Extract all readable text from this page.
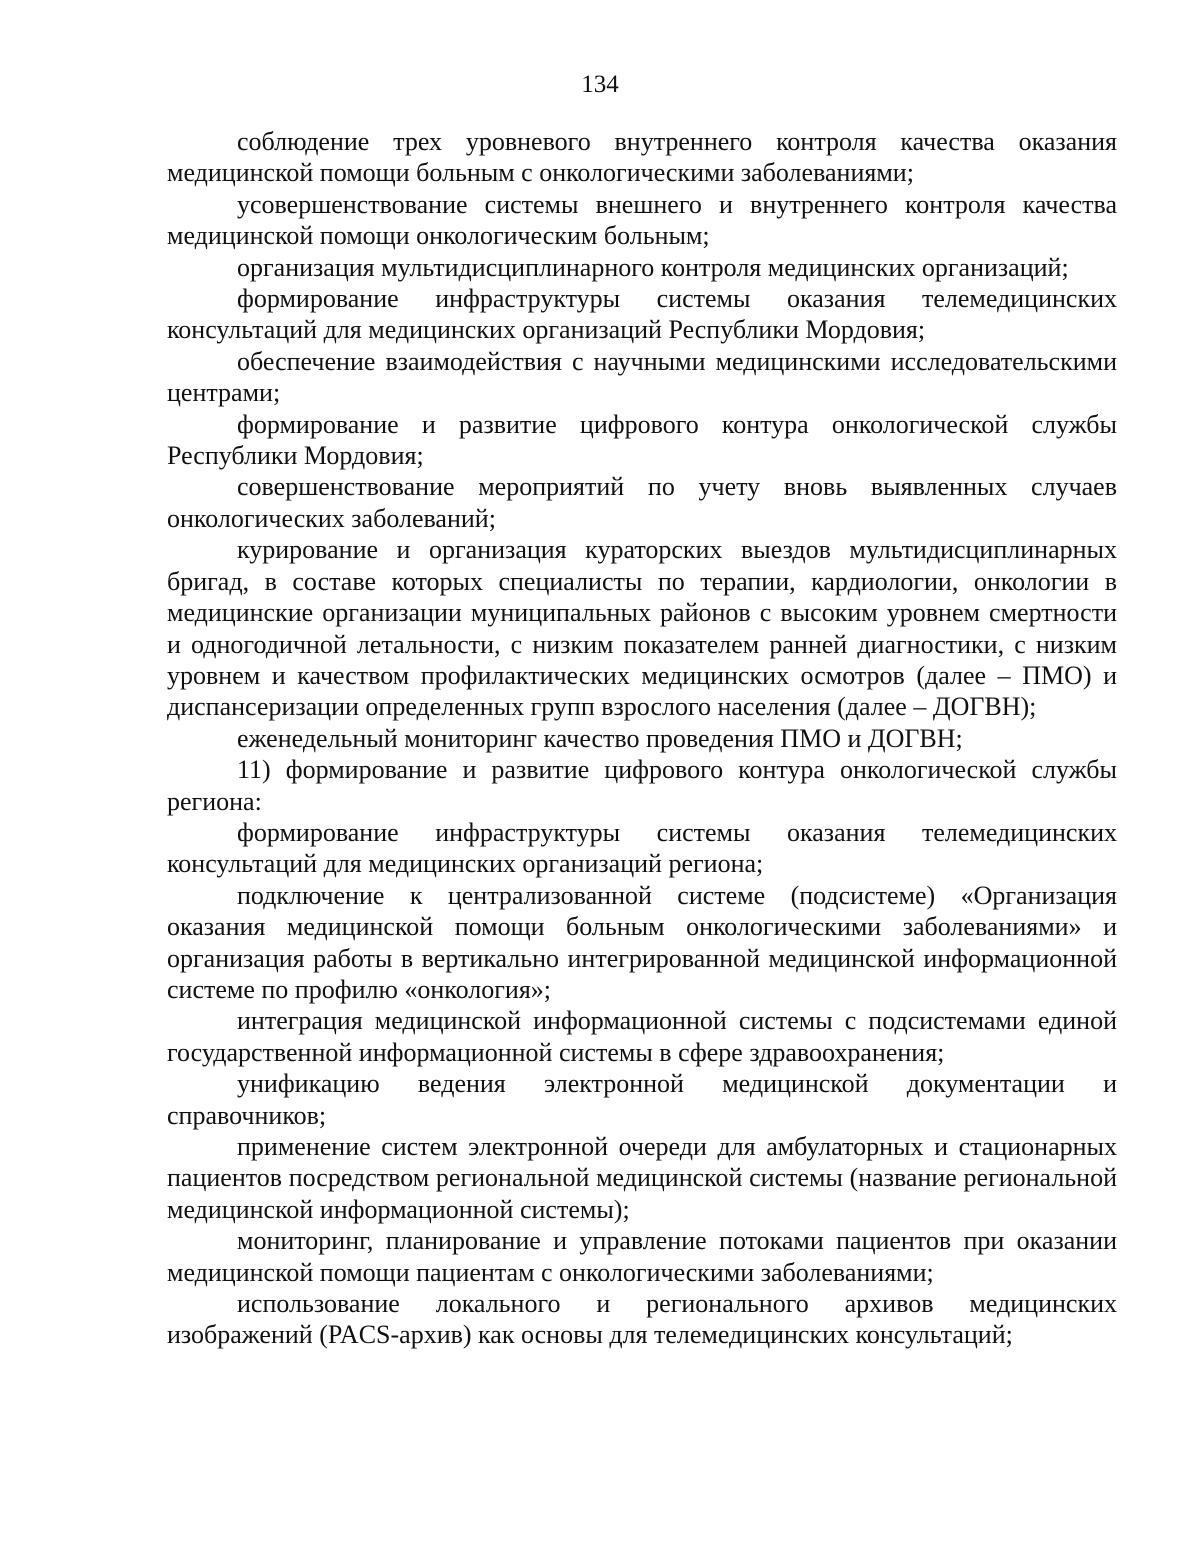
134

соблюдение трех уровневого внутреннего контроля качества оказания медицинской помощи больным с онкологическими заболеваниями;

усовершенствование системы внешнего и внутреннего контроля качества медицинской помощи онкологическим больным;

организация мультидисциплинарного контроля медицинских организаций;

формирование инфраструктуры системы оказания телемедицинских консультаций для медицинских организаций Республики Мордовия;

обеспечение взаимодействия с научными медицинскими исследовательскими центрами;

формирование и развитие цифрового контура онкологической службы Республики Мордовия;

совершенствование мероприятий по учету вновь выявленных случаев онкологических заболеваний;

курирование и организация кураторских выездов мультидисциплинарных бригад, в составе которых специалисты по терапии, кардиологии, онкологии в медицинские организации муниципальных районов с высоким уровнем смертности и одногодичной летальности, с низким показателем ранней диагностики, с низким уровнем и качеством профилактических медицинских осмотров (далее – ПМО) и диспансеризации определенных групп взрослого населения (далее – ДОГВН);

еженедельный мониторинг качество проведения ПМО и ДОГВН;

11) формирование и развитие цифрового контура онкологической службы региона:

формирование инфраструктуры системы оказания телемедицинских консультаций для медицинских организаций региона;

подключение к централизованной системе (подсистеме) «Организация оказания медицинской помощи больным онкологическими заболеваниями» и организация работы в вертикально интегрированной медицинской информационной системе по профилю «онкология»;

интеграция медицинской информационной системы с подсистемами единой государственной информационной системы в сфере здравоохранения;

унификацию ведения электронной медицинской документации и справочников;

применение систем электронной очереди для амбулаторных и стационарных пациентов посредством региональной медицинской системы (название региональной медицинской информационной системы);

мониторинг, планирование и управление потоками пациентов при оказании медицинской помощи пациентам с онкологическими заболеваниями;

использование локального и регионального архивов медицинских изображений (PACS-архив) как основы для телемедицинских консультаций;
